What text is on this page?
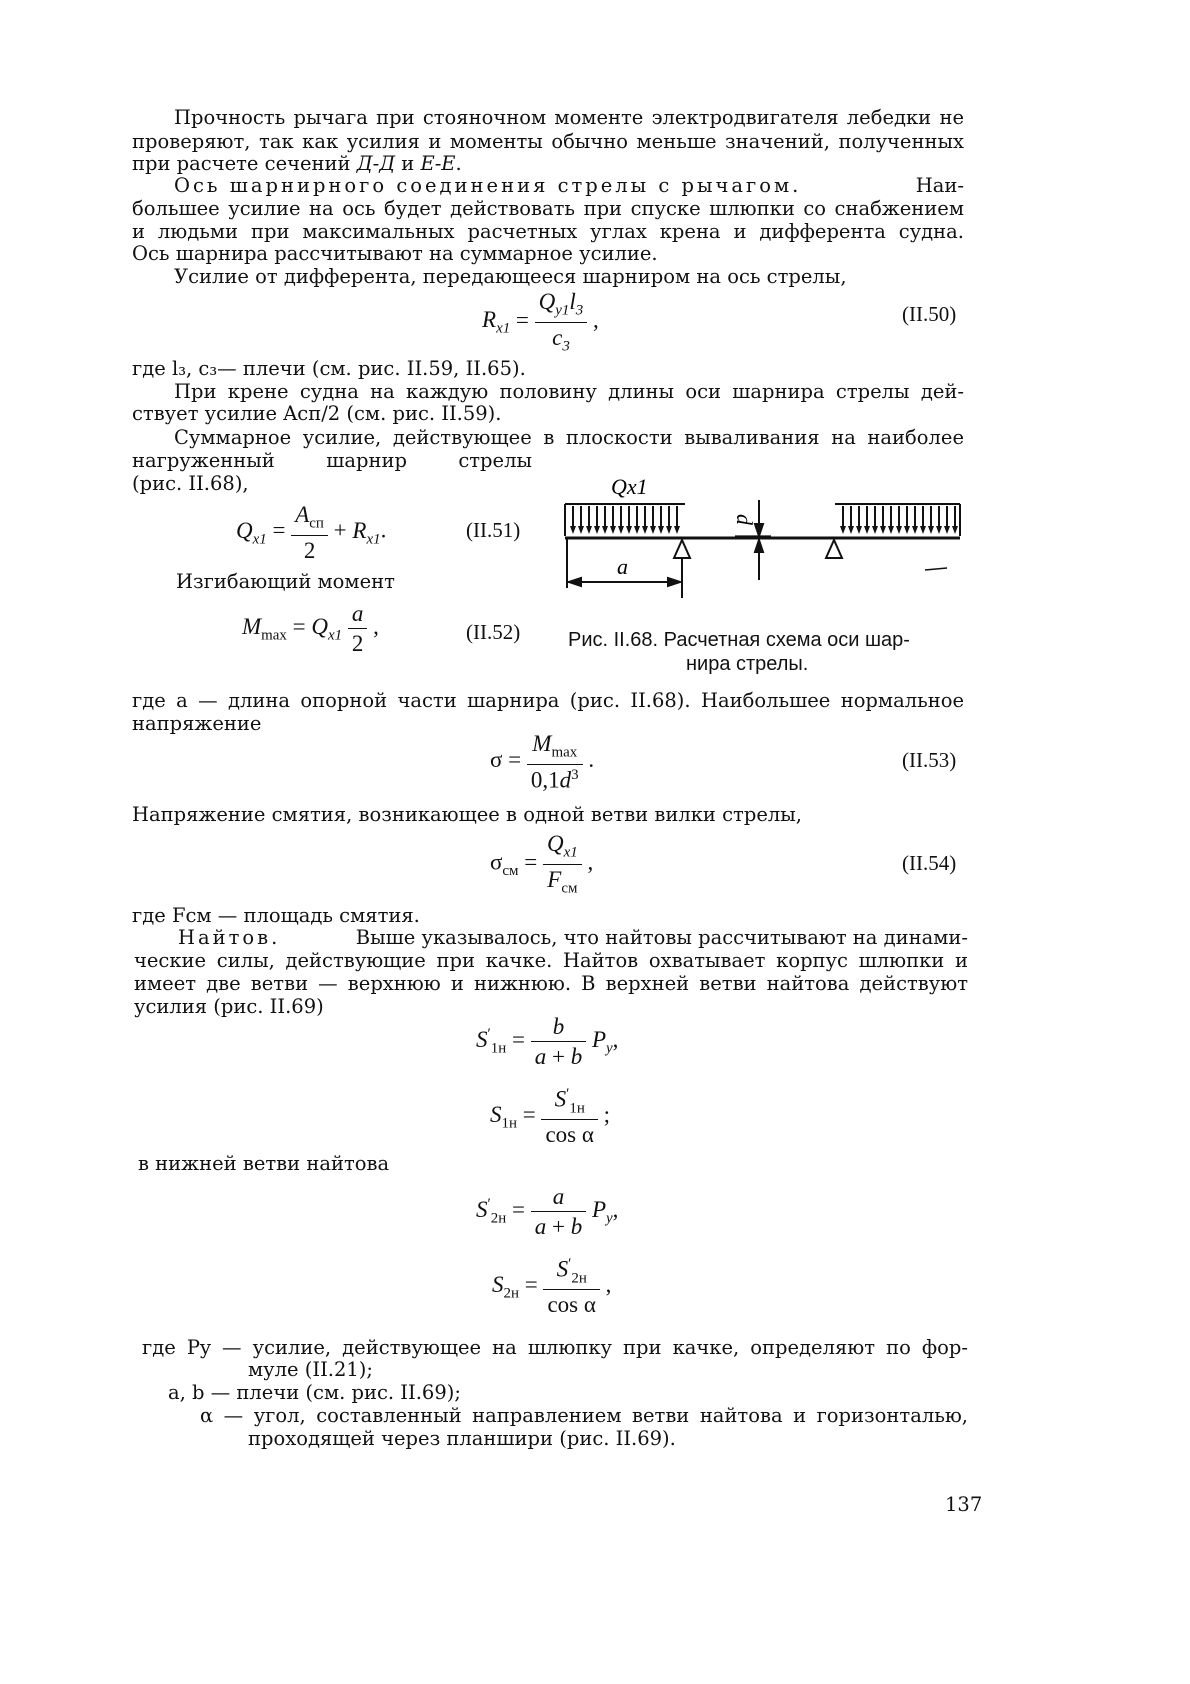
Прочность рычага при стояночном моменте электродвигателя лебедки не
проверяют, так как усилия и моменты обычно меньше значений, полученных
при расчете сечений Д-Д и Е-Е.
Ось шарнирного соединения стрелы с рычагом.	Наи-
большее усилие на ось будет действовать при спуске шлюпки со снабжением
и людьми при максимальных расчетных углах крена и дифферента судна.
Ось шарнира рассчитывают на суммарное усилие.
Усилие от дифферента, передающееся шарниром на ось стрелы,
$R_{x1} = \frac{Q_{y1}l_3}{c_3}$ ,	(II.50)
где l₃, c₃— плечи (см. рис. II.59, II.65).
При крене судна на каждую половину длины оси шарнира стрелы дей-
ствует усилие Aсп/2 (см. рис. II.59).
Суммарное усилие, действующее в плоскости вываливания на наиболее
нагруженный шарнир стрелы
(рис. II.68),
$Q_{x1} = \frac{A_{сп}}{2} + R_{x1}$.	(II.51)
Изгибающий момент
$M_{max} = Q_{x1} \frac{a}{2}$ ,	(II.52)
Qx1
a
d
Рис. II.68. Расчетная схема оси шар-
нира стрелы.
где a — длина опорной части шарнира (рис. II.68). Наибольшее нормальное
напряжение
$\sigma = \frac{M_{max}}{0,1d^3}$ .	(II.53)
Напряжение смятия, возникающее в одной ветви вилки стрелы,
$\sigma_{см} = \frac{Q_{x1}}{F_{см}}$ ,	(II.54)
где Fсм — площадь смятия.
Найтов.	Выше указывалось, что найтовы рассчитывают на динами-
ческие силы, действующие при качке. Найтов охватывает корпус шлюпки и
имеет две ветви — верхнюю и нижнюю. В верхней ветви найтова действуют
усилия (рис. II.69)
$S'_{1н} = \frac{b}{a + b} P_y$,
$S_{1н} = \frac{S'_{1н}}{\text{cos α}}$ ;
в нижней ветви найтова
$S'_{2н} = \frac{a}{a + b} P_y$,
$S_{2н} = \frac{S'_{2н}}{\text{cos α}}$ ,
где Py — усилие, действующее на шлюпку при качке, определяют по фор-
муле (II.21);
a, b — плечи (см. рис. II.69);
α — угол, составленный направлением ветви найтова и горизонталью,
проходящей через планшири (рис. II.69).
137
